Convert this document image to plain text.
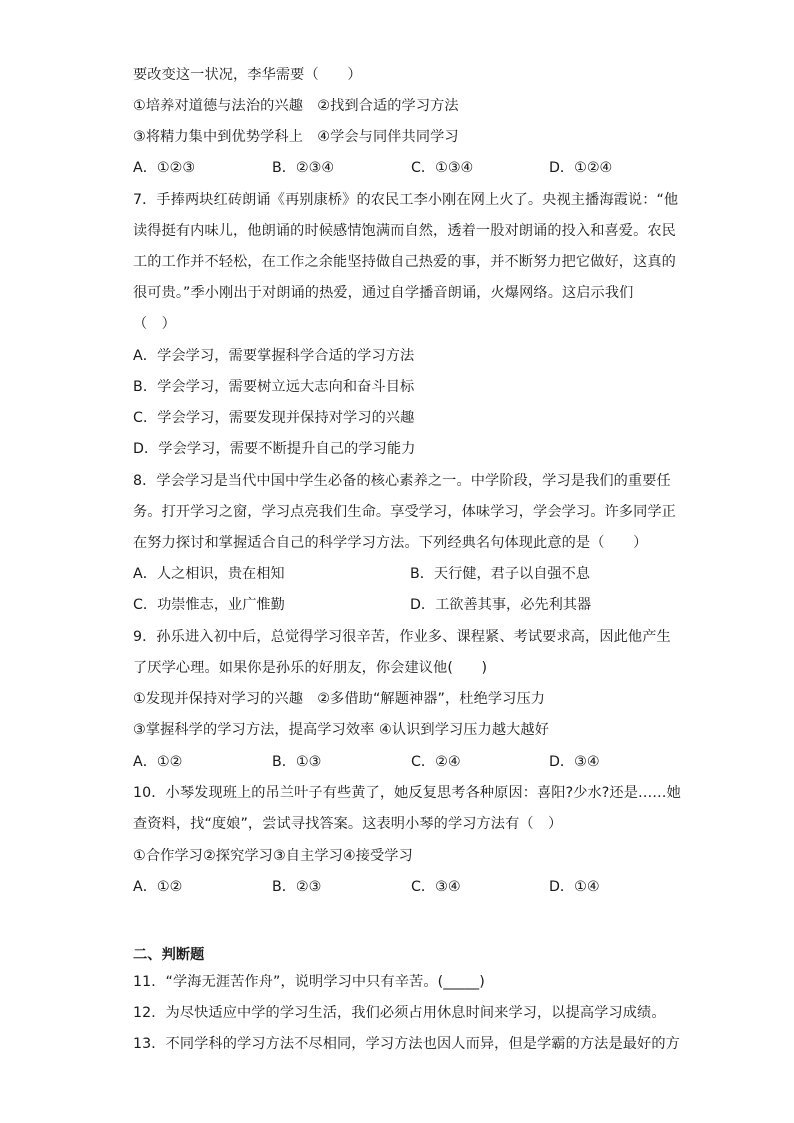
要改变这一状况，李华需要（　　）
①培养对道德与法治的兴趣　②找到合适的学习方法
③将精力集中到优势学科上　④学会与同伴共同学习
A．①②③	B．②③④	C．①③④	D．①②④
7．手捧两块红砖朗诵《再别康桥》的农民工李小刚在网上火了。央视主播海霞说：“他
读得挺有内味儿，他朗诵的时候感情饱满而自然，透着一股对朗诵的投入和喜爱。农民
工的工作并不轻松，在工作之余能坚持做自己热爱的事，并不断努力把它做好，这真的
很可贵。”季小刚出于对朗诵的热爱，通过自学播音朗诵，火爆网络。这启示我们
（　）
A．学会学习，需要掌握科学合适的学习方法
B．学会学习，需要树立远大志向和奋斗目标
C．学会学习，需要发现并保持对学习的兴趣
D．学会学习，需要不断提升自己的学习能力
8．学会学习是当代中国中学生必备的核心素养之一。中学阶段，学习是我们的重要任
务。打开学习之窗，学习点亮我们生命。享受学习，体味学习，学会学习。许多同学正
在努力探讨和掌握适合自己的科学学习方法。下列经典名句体现此意的是（　　）
A．人之相识，贵在相知	B．天行健，君子以自强不息
C．功崇惟志，业广惟勤	D．工欲善其事，必先利其器
9．孙乐进入初中后，总觉得学习很辛苦，作业多、课程紧、考试要求高，因此他产生
了厌学心理。如果你是孙乐的好朋友，你会建议他(　　)
①发现并保持对学习的兴趣　②多借助“解题神器”，杜绝学习压力
③掌握科学的学习方法，提高学习效率 ④认识到学习压力越大越好
A．①②	B．①③	C．②④	D．③④
10．小琴发现班上的吊兰叶子有些黄了，她反复思考各种原因：喜阳?少水?还是……她
查资料，找“度娘”，尝试寻找答案。这表明小琴的学习方法有（　）
①合作学习②探究学习③自主学习④接受学习
A．①②	B．②③	C．③④	D．①④
二、判断题
11．“学海无涯苦作舟”，说明学习中只有辛苦。(_____)
12．为尽快适应中学的学习生活，我们必须占用休息时间来学习，以提高学习成绩。
13．不同学科的学习方法不尽相同，学习方法也因人而异，但是学霸的方法是最好的方
